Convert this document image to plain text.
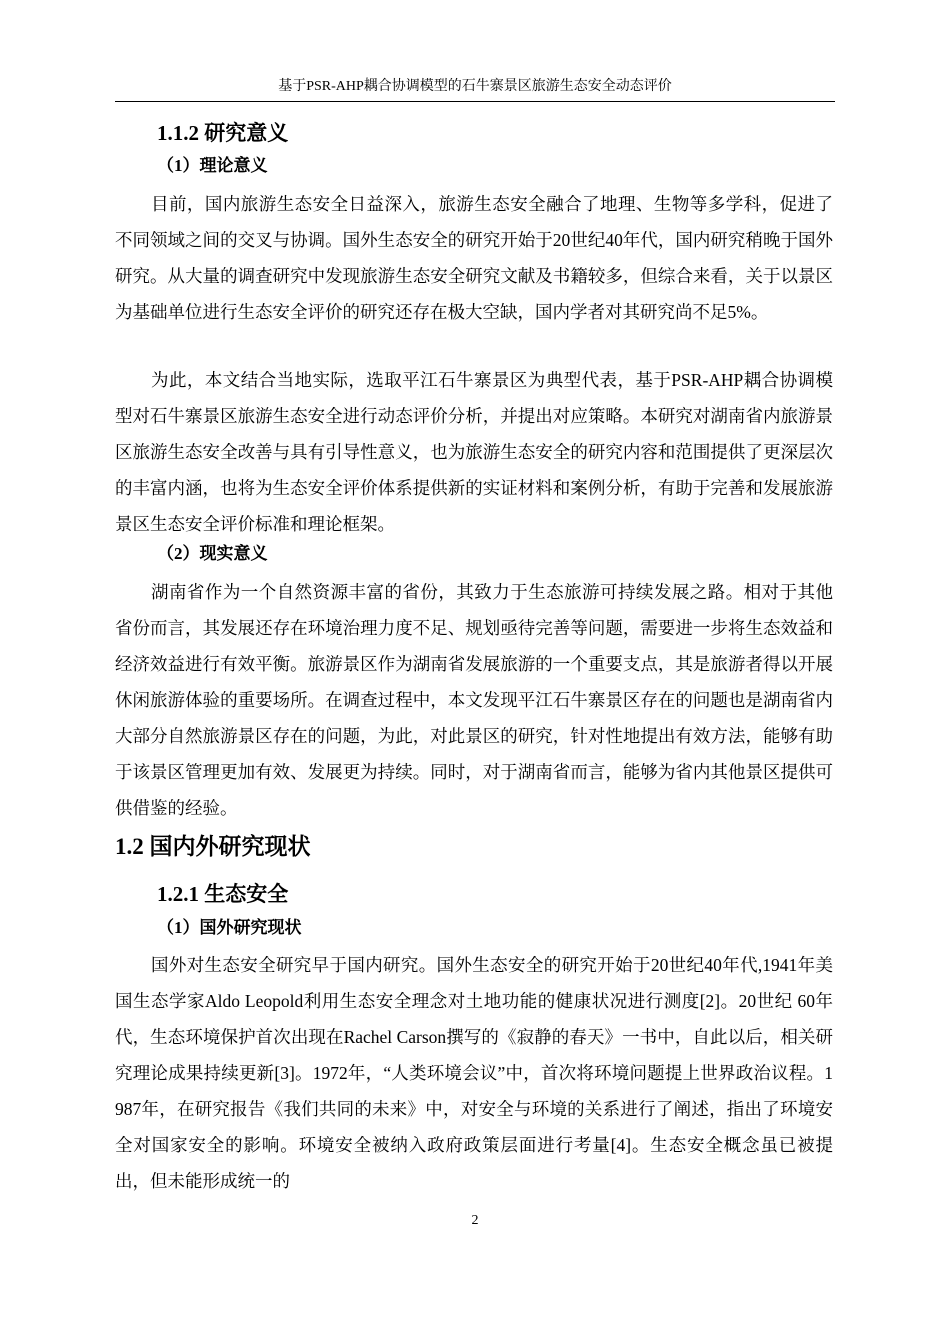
基于PSR-AHP耦合协调模型的石牛寨景区旅游生态安全动态评价
1.1.2 研究意义
（1）理论意义

目前，国内旅游生态安全日益深入，旅游生态安全融合了地理、生物等多学科，促进了不同领域之间的交叉与协调。国外生态安全的研究开始于20世纪40年代，国内研究稍晚于国外研究。从大量的调查研究中发现旅游生态安全研究文献及书籍较多，但综合来看，关于以景区为基础单位进行生态安全评价的研究还存在极大空缺，国内学者对其研究尚不足5%。

为此，本文结合当地实际，选取平江石牛寨景区为典型代表，基于PSR-AHP耦合协调模型对石牛寨景区旅游生态安全进行动态评价分析，并提出对应策略。本研究对湖南省内旅游景区旅游生态安全改善与具有引导性意义，也为旅游生态安全的研究内容和范围提供了更深层次的丰富内涵，也将为生态安全评价体系提供新的实证材料和案例分析，有助于完善和发展旅游景区生态安全评价标准和理论框架。

（2）现实意义

湖南省作为一个自然资源丰富的省份，其致力于生态旅游可持续发展之路。相对于其他省份而言，其发展还存在环境治理力度不足、规划亟待完善等问题，需要进一步将生态效益和经济效益进行有效平衡。旅游景区作为湖南省发展旅游的一个重要支点，其是旅游者得以开展休闲旅游体验的重要场所。在调查过程中，本文发现平江石牛寨景区存在的问题也是湖南省内大部分自然旅游景区存在的问题，为此，对此景区的研究，针对性地提出有效方法，能够有助于该景区管理更加有效、发展更为持续。同时，对于湖南省而言，能够为省内其他景区提供可供借鉴的经验。

1.2 国内外研究现状
1.2.1 生态安全
（1）国外研究现状

国外对生态安全研究早于国内研究。国外生态安全的研究开始于20世纪40年代,1941年美国生态学家Aldo Leopold利用生态安全理念对土地功能的健康状况进行测度[2]。20世纪 60年代，生态环境保护首次出现在Rachel Carson撰写的《寂静的春天》一书中，自此以后，相关研究理论成果持续更新[3]。1972年，“人类环境会议”中，首次将环境问题提上世界政治议程。1987年，在研究报告《我们共同的未来》中，对安全与环境的关系进行了阐述，指出了环境安全对国家安全的影响。环境安全被纳入政府政策层面进行考量[4]。生态安全概念虽已被提出，但未能形成统一的

2
